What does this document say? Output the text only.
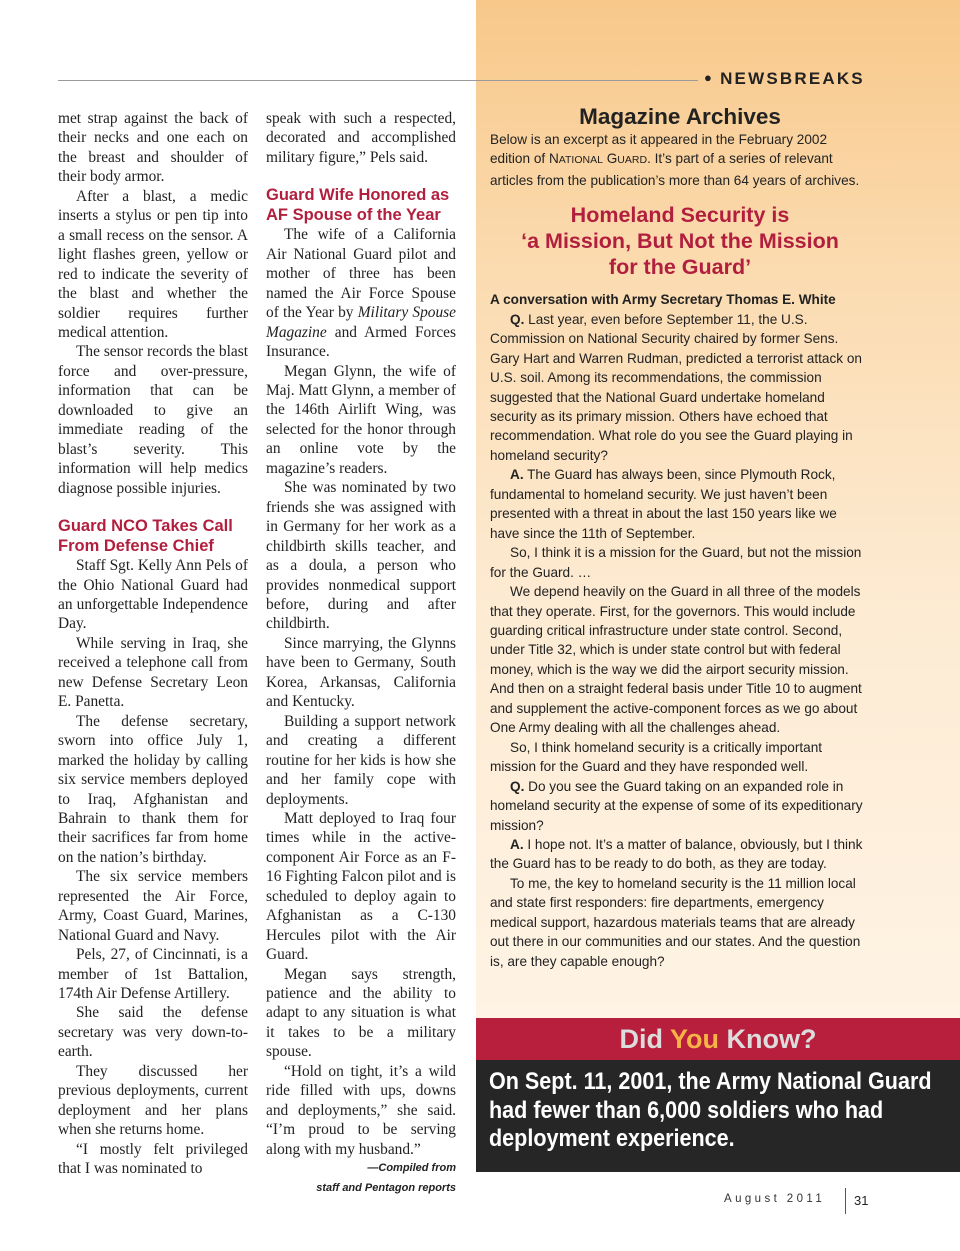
● NEWSBREAKS

met strap against the back of their necks and one each on the breast and shoulder of their body armor.

After a blast, a medic inserts a stylus or pen tip into a small recess on the sensor. A light flashes green, yellow or red to indicate the severity of the blast and whether the soldier requires further medical attention.

The sensor records the blast force and over-pressure, information that can be downloaded to give an immediate reading of the blast’s severity. This information will help medics diagnose possible injuries.

Guard NCO Takes Call From Defense Chief

Staff Sgt. Kelly Ann Pels of the Ohio National Guard had an unforgettable Independence Day.

While serving in Iraq, she received a telephone call from new Defense Secretary Leon E. Panetta.

The defense secretary, sworn into office July 1, marked the holiday by calling six service members deployed to Iraq, Afghanistan and Bahrain to thank them for their sacrifices far from home on the nation’s birthday.

The six service members represented the Air Force, Army, Coast Guard, Marines, National Guard and Navy.

Pels, 27, of Cincinnati, is a member of 1st Battalion, 174th Air Defense Artillery.

She said the defense secretary was very down-to-earth.

They discussed her previous deployments, current deployment and her plans when she returns home.

“I mostly felt privileged that I was nominated to

speak with such a respected, decorated and accomplished military figure,” Pels said.

Guard Wife Honored as AF Spouse of the Year

The wife of a California Air National Guard pilot and mother of three has been named the Air Force Spouse of the Year by Military Spouse Magazine and Armed Forces Insurance.

Megan Glynn, the wife of Maj. Matt Glynn, a member of the 146th Airlift Wing, was selected for the honor through an online vote by the magazine’s readers.

She was nominated by two friends she was assigned with in Germany for her work as a childbirth skills teacher, and as a doula, a person who provides nonmedical support before, during and after childbirth.

Since marrying, the Glynns have been to Germany, South Korea, Arkansas, California and Kentucky.

Building a support network and creating a different routine for her kids is how she and her family cope with deployments.

Matt deployed to Iraq four times while in the active-component Air Force as an F-16 Fighting Falcon pilot and is scheduled to deploy again to Afghanistan as a C-130 Hercules pilot with the Air Guard.

Megan says strength, patience and the ability to adapt to any situation is what it takes to be a military spouse.

“Hold on tight, it’s a wild ride filled with ups, downs and deployments,” she said. “I’m proud to be serving along with my husband.”

—Compiled from

staff and Pentagon reports

Magazine Archives

Below is an excerpt as it appeared in the February 2002 edition of NATIONAL GUARD. It’s part of a series of relevant articles from the publication’s more than 64 years of archives.

Homeland Security is
‘a Mission, But Not the Mission
for the Guard’

A conversation with Army Secretary Thomas E. White

Q. Last year, even before September 11, the U.S. Commission on National Security chaired by former Sens. Gary Hart and Warren Rudman, predicted a terrorist attack on U.S. soil. Among its recommendations, the commission suggested that the National Guard undertake homeland security as its primary mission. Others have echoed that recommendation. What role do you see the Guard playing in homeland security?

A. The Guard has always been, since Plymouth Rock, fundamental to homeland security. We just haven’t been presented with a threat in about the last 150 years like we have since the 11th of September.

So, I think it is a mission for the Guard, but not the mission for the Guard. …

We depend heavily on the Guard in all three of the models that they operate. First, for the governors. This would include guarding critical infrastructure under state control. Second, under Title 32, which is under state control but with federal money, which is the way we did the airport security mission. And then on a straight federal basis under Title 10 to augment and supplement the active-component forces as we go about One Army dealing with all the challenges ahead.

So, I think homeland security is a critically important mission for the Guard and they have responded well.

Q. Do you see the Guard taking on an expanded role in homeland security at the expense of some of its expeditionary mission?

A. I hope not. It’s a matter of balance, obviously, but I think the Guard has to be ready to do both, as they are today.

To me, the key to homeland security is the 11 million local and state first responders: fire departments, emergency medical support, hazardous materials teams that are already out there in our communities and our states. And the question is, are they capable enough?

Did You Know?

On Sept. 11, 2001, the Army National Guard had fewer than 6,000 soldiers who had deployment experience.

August 2011	31
